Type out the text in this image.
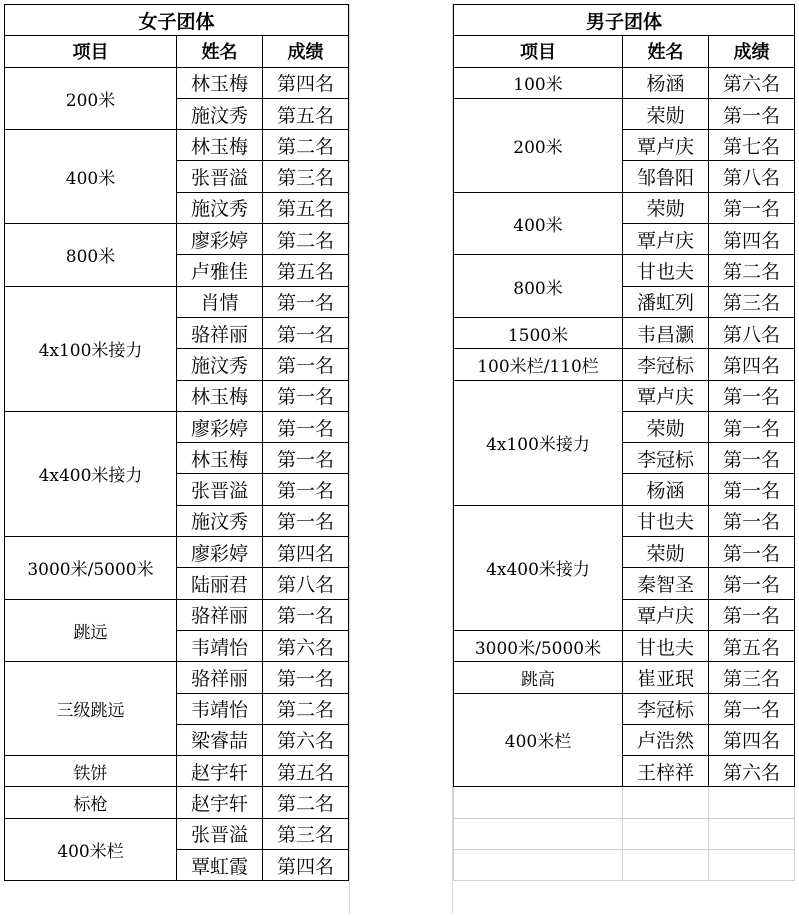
女子团体		
项目	姓名	成绩
200米	林玉梅	第四名
	施汶秀	第五名
400米	林玉梅	第二名
	张晋溢	第三名
	施汶秀	第五名
800米	廖彩婷	第二名
	卢雅佳	第五名
4x100米接力	肖情	第一名
	骆祥丽	第一名
	施汶秀	第一名
	林玉梅	第一名
4x400米接力	廖彩婷	第一名
	林玉梅	第一名
	张晋溢	第一名
	施汶秀	第一名
3000米/5000米	廖彩婷	第四名
	陆丽君	第八名
跳远	骆祥丽	第一名
	韦靖怡	第六名
三级跳远	骆祥丽	第一名
	韦靖怡	第二名
	梁睿喆	第六名
铁饼	赵宇轩	第五名
标枪	赵宇轩	第二名
400米栏	张晋溢	第三名
	覃虹霞	第四名
男子团体		
项目	姓名	成绩
100米	杨涵	第六名
200米	荣勋	第一名
	覃卢庆	第七名
	邹鲁阳	第八名
400米	荣勋	第一名
	覃卢庆	第四名
800米	甘也夫	第二名
	潘虹列	第三名
1500米	韦昌灏	第八名
100米栏/110栏	李冠标	第四名
4x100米接力	覃卢庆	第一名
	荣勋	第一名
	李冠标	第一名
	杨涵	第一名
4x400米接力	甘也夫	第一名
	荣勋	第一名
	秦智圣	第一名
	覃卢庆	第一名
3000米/5000米	甘也夫	第五名
跳高	崔亚珉	第三名
400米栏	李冠标	第一名
	卢浩然	第四名
	王梓祥	第六名
